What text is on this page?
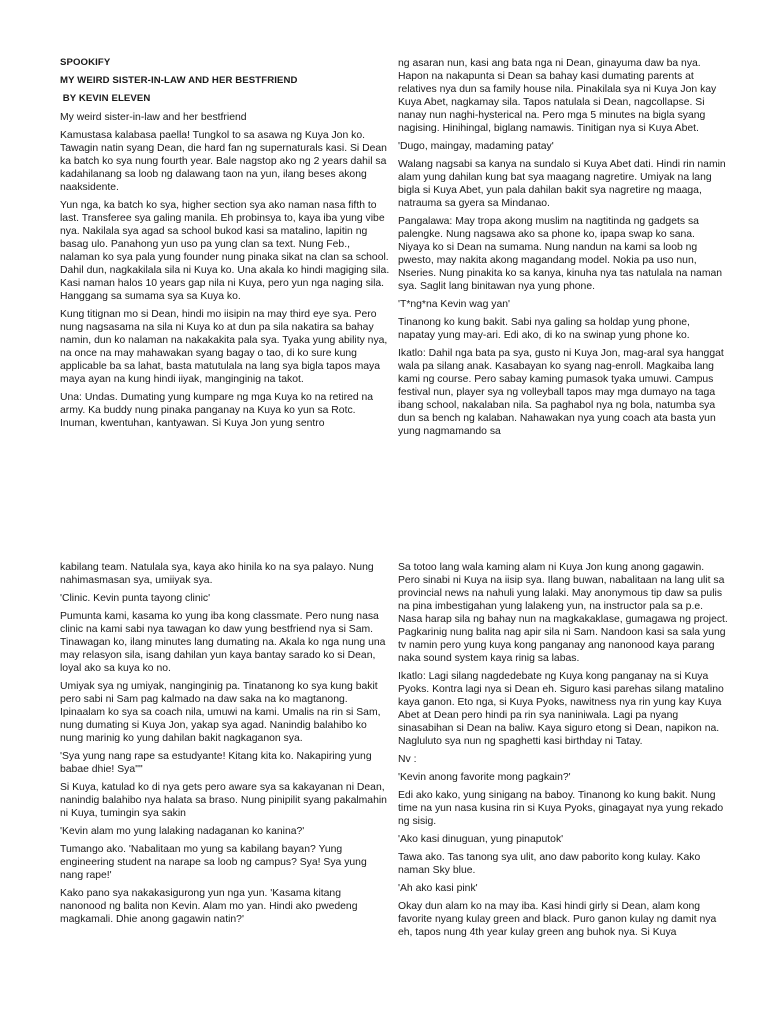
SPOOKIFY

MY WEIRD SISTER-IN-LAW AND HER BESTFRIEND

BY KEVIN ELEVEN

My weird sister-in-law and her bestfriend

Kamustasa kalabasa paella! Tungkol to sa asawa ng Kuya Jon ko. Tawagin natin syang Dean, die hard fan ng supernaturals kasi. Si Dean ka batch ko sya nung fourth year. Bale nagstop ako ng 2 years dahil sa kadahilanang sa loob ng dalawang taon na yun, ilang beses akong naaksidente.

Yun nga, ka batch ko sya, higher section sya ako naman nasa fifth to last. Transferee sya galing manila. Eh probinsya to, kaya iba yung vibe nya. Nakilala sya agad sa school bukod kasi sa matalino, lapitin ng basag ulo. Panahong yun uso pa yung clan sa text. Nung Feb., nalaman ko sya pala yung founder nung pinaka sikat na clan sa school. Dahil dun, nagkakilala sila ni Kuya ko. Una akala ko hindi magiging sila. Kasi naman halos 10 years gap nila ni Kuya, pero yun nga naging sila. Hanggang sa sumama sya sa Kuya ko.

Kung titignan mo si Dean, hindi mo iisipin na may third eye sya. Pero nung nagsasama na sila ni Kuya ko at dun pa sila nakatira sa bahay namin, dun ko nalaman na nakakakita pala sya. Tyaka yung ability nya, na once na may mahawakan syang bagay o tao, di ko sure kung applicable ba sa lahat, basta matutulala na lang sya bigla tapos maya maya ayan na kung hindi iiyak, manginginig na takot.

Una: Undas. Dumating yung kumpare ng mga Kuya ko na retired na army. Ka buddy nung pinaka panganay na Kuya ko yun sa Rotc. Inuman, kwentuhan, kantyawan. Si Kuya Jon yung sentro

ng asaran nun, kasi ang bata nga ni Dean, ginayuma daw ba nya. Hapon na nakapunta si Dean sa bahay kasi dumating parents at relatives nya dun sa family house nila. Pinakilala sya ni Kuya Jon kay Kuya Abet, nagkamay sila. Tapos natulala si Dean, nagcollapse. Si nanay nun naghi-hysterical na. Pero mga 5 minutes na bigla syang nagising. Hinihingal, biglang namawis. Tinitigan nya si Kuya Abet.

'Dugo, maingay, madaming patay'

Walang nagsabi sa kanya na sundalo si Kuya Abet dati. Hindi rin namin alam yung dahilan kung bat sya maagang nagretire. Umiyak na lang bigla si Kuya Abet, yun pala dahilan bakit sya nagretire ng maaga, natrauma sa gyera sa Mindanao.

Pangalawa: May tropa akong muslim na nagtitinda ng gadgets sa palengke. Nung nagsawa ako sa phone ko, ipapa swap ko sana. Niyaya ko si Dean na sumama. Nung nandun na kami sa loob ng pwesto, may nakita akong magandang model. Nokia pa uso nun, Nseries. Nung pinakita ko sa kanya, kinuha nya tas natulala na naman sya. Saglit lang binitawan nya yung phone.

'T*ng*na Kevin wag yan'

Tinanong ko kung bakit. Sabi nya galing sa holdap yung phone, napatay yung may-ari. Edi ako, di ko na swinap yung phone ko.

Ikatlo: Dahil nga bata pa sya, gusto ni Kuya Jon, mag-aral sya hanggat wala pa silang anak. Kasabayan ko syang nag-enroll. Magkaiba lang kami ng course. Pero sabay kaming pumasok tyaka umuwi. Campus festival nun, player sya ng volleyball tapos may mga dumayo na taga ibang school, nakalaban nila. Sa paghabol nya ng bola, natumba sya dun sa bench ng kalaban. Nahawakan nya yung coach ata basta yun yung nagmamando sa

kabilang team. Natulala sya, kaya ako hinila ko na sya palayo. Nung nahimasmasan sya, umiiyak sya.

'Clinic. Kevin punta tayong clinic'

Pumunta kami, kasama ko yung iba kong classmate. Pero nung nasa clinic na kami sabi nya tawagan ko daw yung bestfriend nya si Sam. Tinawagan ko, ilang minutes lang dumating na. Akala ko nga nung una may relasyon sila, isang dahilan yun kaya bantay sarado ko si Dean, loyal ako sa kuya ko no.

Umiyak sya ng umiyak, nanginginig pa. Tinatanong ko sya kung bakit pero sabi ni Sam pag kalmado na daw saka na ko magtanong. Ipinaalam ko sya sa coach nila, umuwi na kami. Umalis na rin si Sam, nung dumating si Kuya Jon, yakap sya agad. Nanindig balahibo ko nung marinig ko yung dahilan bakit nagkaganon sya.

'Sya yung nang rape sa estudyante! Kitang kita ko. Nakapiring yung babae dhie! Sya'"'

Si Kuya, katulad ko di nya gets pero aware sya sa kakayanan ni Dean, nanindig balahibo nya halata sa braso. Nung pinipilit syang pakalmahin ni Kuya, tumingin sya sakin

'Kevin alam mo yung lalaking nadaganan ko kanina?'

Tumango ako. 'Nabalitaan mo yung sa kabilang bayan? Yung engineering student na narape sa loob ng campus? Sya! Sya yung nang rape!'

Kako pano sya nakakasigurong yun nga yun. 'Kasama kitang nanonood ng balita non Kevin. Alam mo yan. Hindi ako pwedeng magkamali. Dhie anong gagawin natin?'

Sa totoo lang wala kaming alam ni Kuya Jon kung anong gagawin. Pero sinabi ni Kuya na iisip sya. Ilang buwan, nabalitaan na lang ulit sa provincial news na nahuli yung lalaki. May anonymous tip daw sa pulis na pina imbestigahan yung lalakeng yun, na instructor pala sa p.e. Nasa harap sila ng bahay nun na magkakaklase, gumagawa ng project. Pagkarinig nung balita nag apir sila ni Sam. Nandoon kasi sa sala yung tv namin pero yung kuya kong panganay ang nanonood kaya parang naka sound system kaya rinig sa labas.

Ikatlo: Lagi silang nagdedebate ng Kuya kong panganay na si Kuya Pyoks. Kontra lagi nya si Dean eh. Siguro kasi parehas silang matalino kaya ganon. Eto nga, si Kuya Pyoks, nawitness nya rin yung kay Kuya Abet at Dean pero hindi pa rin sya naniniwala. Lagi pa nyang sinasabihan si Dean na baliw. Kaya siguro etong si Dean, napikon na. Nagluluto sya nun ng spaghetti kasi birthday ni Tatay.

Nv :

'Kevin anong favorite mong pagkain?'

Edi ako kako, yung sinigang na baboy. Tinanong ko kung bakit. Nung time na yun nasa kusina rin si Kuya Pyoks, ginagayat nya yung rekado ng sisig.

'Ako kasi dinuguan, yung pinaputok'

Tawa ako. Tas tanong sya ulit, ano daw paborito kong kulay. Kako naman Sky blue.

'Ah ako kasi pink'

Okay dun alam ko na may iba. Kasi hindi girly si Dean, alam kong favorite nyang kulay green and black. Puro ganon kulay ng damit nya eh, tapos nung 4th year kulay green ang buhok nya. Si Kuya
